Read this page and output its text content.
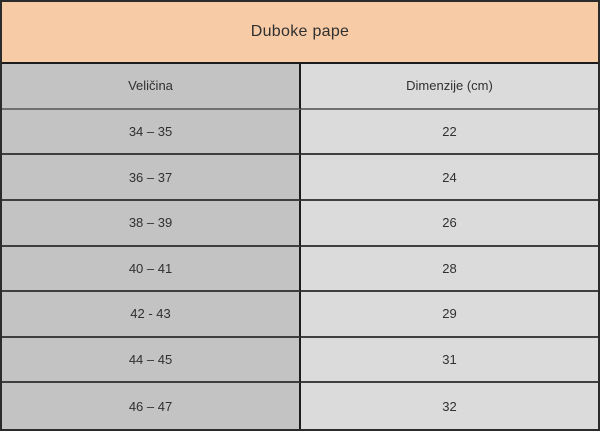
Duboke pape
Veličina	Dimenzije (cm)
34 – 35	22
36 – 37	24
38 – 39	26
40 – 41	28
42 - 43	29
44 – 45	31
46 – 47	32
